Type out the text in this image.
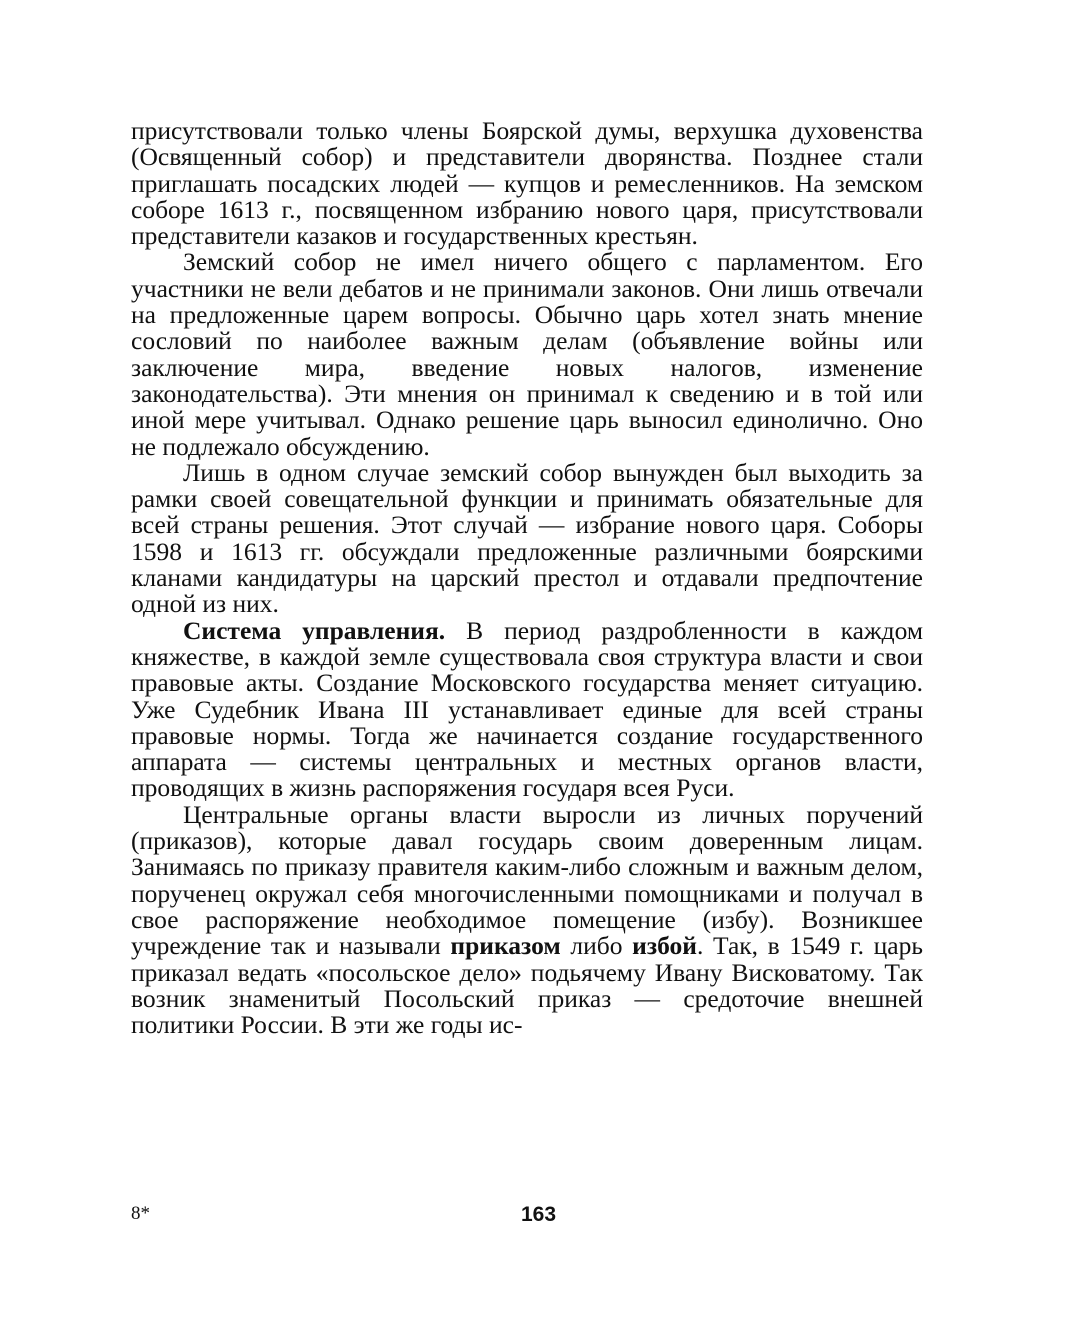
присутствовали только члены Боярской думы, верхушка духовенства (Освященный собор) и представители дворянства. Позднее стали приглашать посадских людей — купцов и ремесленников. На земском соборе 1613 г., посвященном избранию нового царя, присутствовали представители казаков и государственных крестьян.

Земский собор не имел ничего общего с парламентом. Его участники не вели дебатов и не принимали законов. Они лишь отвечали на предложенные царем вопросы. Обычно царь хотел знать мнение сословий по наиболее важным делам (объявление войны или заключение мира, введение новых налогов, изменение законодательства). Эти мнения он принимал к сведению и в той или иной мере учитывал. Однако решение царь выносил единолично. Оно не подлежало обсуждению.

Лишь в одном случае земский собор вынужден был выходить за рамки своей совещательной функции и принимать обязательные для всей страны решения. Этот случай — избрание нового царя. Соборы 1598 и 1613 гг. обсуждали предложенные различными боярскими кланами кандидатуры на царский престол и отдавали предпочтение одной из них.

Система управления. В период раздробленности в каждом княжестве, в каждой земле существовала своя структура власти и свои правовые акты. Создание Московского государства меняет ситуацию. Уже Судебник Ивана III устанавливает единые для всей страны правовые нормы. Тогда же начинается создание государственного аппарата — системы центральных и местных органов власти, проводящих в жизнь распоряжения государя всея Руси.

Центральные органы власти выросли из личных поручений (приказов), которые давал государь своим доверенным лицам. Занимаясь по приказу правителя каким-либо сложным и важным делом, порученец окружал себя многочисленными помощниками и получал в свое распоряжение необходимое помещение (избу). Возникшее учреждение так и называли приказом либо избой. Так, в 1549 г. царь приказал ведать «посольское дело» подьячему Ивану Висковатому. Так возник знаменитый Посольский приказ — средоточие внешней политики России. В эти же годы ис-

8*	163
